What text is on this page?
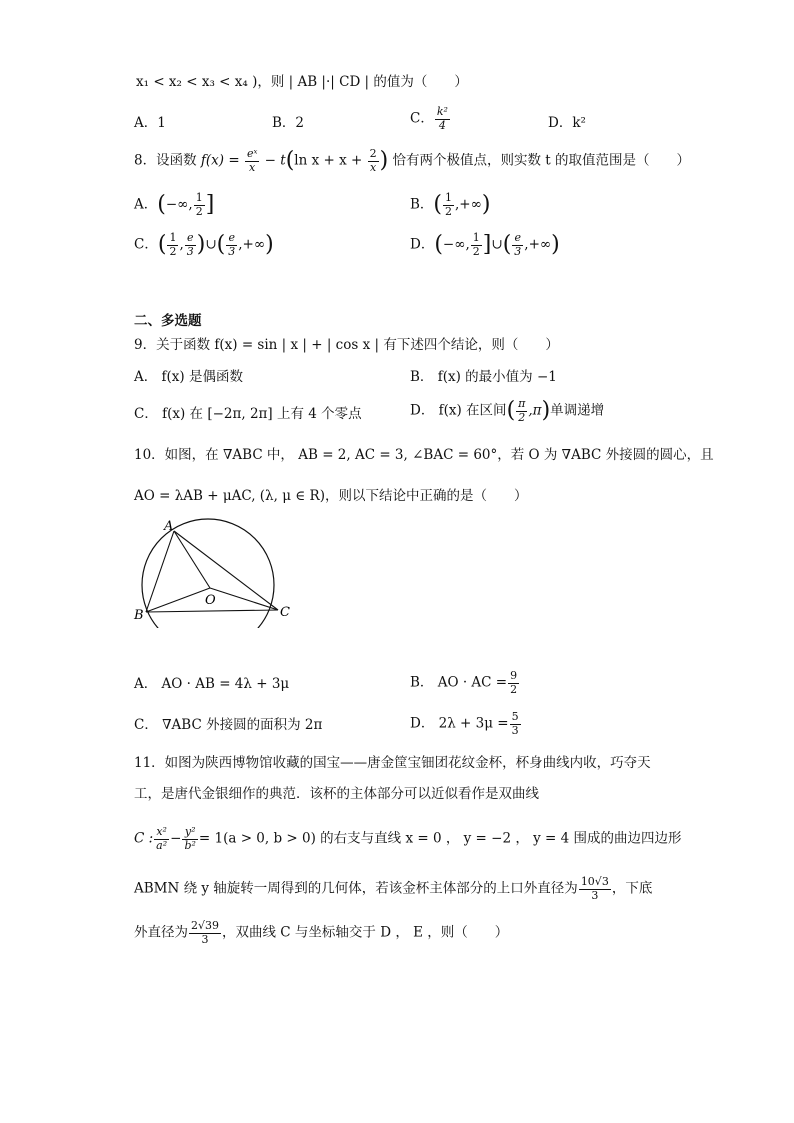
x₁ < x₂ < x₃ < x₄ )，则 | AB |·| CD | 的值为（　　）
A．1	B．2	C． $\frac{\text{k²}}{4}$	D．k²
8．设函数 $f(x) = \frac{\text{eˣ}}{x} - t(\ln$ $x + x + \frac{2}{x}$ ) 恰有两个极值点，则实数 t 的取值范围是（　　）
A．(−∞, $\frac{1}{2}$ ]	B．( $\frac{1}{2}$ ,+∞)
C．( $\frac{1}{2}$ , $\frac{e}{3}$ )∪( $\frac{e}{3}$ ,+∞)	D．(−∞, $\frac{1}{2}$ ]∪( $\frac{e}{3}$ ,+∞)
二、多选题
9．关于函数 f(x) = sin | x | + | cos x | 有下述四个结论，则（　　）
A． f(x) 是偶函数	B． f(x) 的最小值为 −1
C． f(x) 在 [−2π, 2π] 上有 4 个零点	D． f(x) 在区间( $\frac{\pi}{2} ,\pi$)单调递增
10．如图，在 ∇ABC 中， AB = 2, AC = 3, ∠BAC = 60°，若 O 为 ∇ABC 外接圆的圆心，且
AO = λAB + μAC, (λ, μ ∈ R)，则以下结论中正确的是（　　）
A
B	C
O
A． AO · AB = 4λ + 3μ	B． AO · AC = $\frac{9}{2}$
C． ∇ABC 外接圆的面积为 2π	D． $2\lambda + 3\mu = \frac{5}{3}$
11．如图为陕西博物馆收藏的国宝——唐金筐宝钿团花纹金杯，杯身曲线内收，巧夺天
工，是唐代金银细作的典范．该杯的主体部分可以近似看作是双曲线
C : $\frac{\text{x²}}{\text{a²}} - \frac{\text{y²}}{\text{b²}} = 1(a > 0$, b > 0) 的右支与直线 x = 0 ， y = −2 ， y = 4 围成的曲边四边形
ABMN 绕 y 轴旋转一周得到的几何体，若该金杯主体部分的上口外直径为 $\frac{10√3}{3}$ ，下底
外直径为 $\frac{2√39}{3}$ ，双曲线 C 与坐标轴交于 D ， E ，则（　　）
